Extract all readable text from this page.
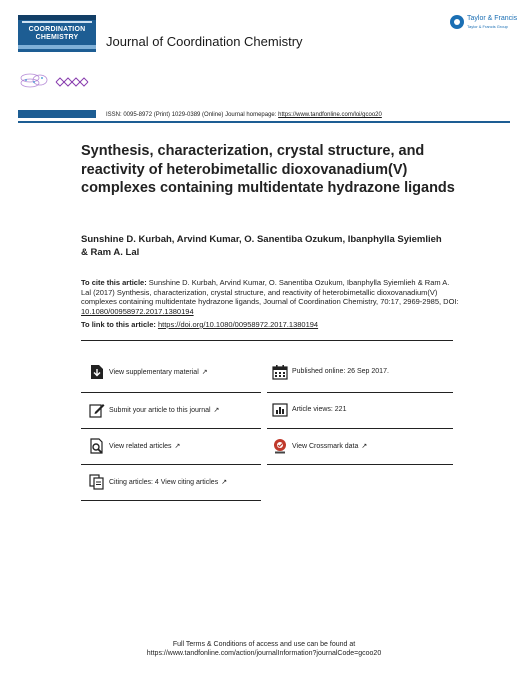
COORDINATION CHEMISTRY	Journal of Coordination Chemistry
Taylor & Francis
Taylor & Francis Group
ISSN: 0095-8972 (Print) 1029-0389 (Online) Journal homepage: https://www.tandfonline.com/loi/gcoo20
Synthesis, characterization, crystal structure, and reactivity of heterobimetallic dioxovanadium(V) complexes containing multidentate hydrazone ligands
Sunshine D. Kurbah, Arvind Kumar, O. Sanentiba Ozukum, Ibanphylla Syiemlieh & Ram A. Lal
To cite this article: Sunshine D. Kurbah, Arvind Kumar, O. Sanentiba Ozukum, Ibanphylla Syiemlieh & Ram A. Lal (2017) Synthesis, characterization, crystal structure, and reactivity of heterobimetallic dioxovanadium(V) complexes containing multidentate hydrazone ligands, Journal of Coordination Chemistry, 70:17, 2969-2985, DOI: 10.1080/00958972.2017.1380194
To link to this article: https://doi.org/10.1080/00958972.2017.1380194
View supplementary material ↗	Published online: 26 Sep 2017.
Submit your article to this journal ↗	Article views: 221
View related articles ↗	View Crossmark data ↗
Citing articles: 4 View citing articles ↗
Full Terms & Conditions of access and use can be found at
https://www.tandfonline.com/action/journalInformation?journalCode=gcoo20
